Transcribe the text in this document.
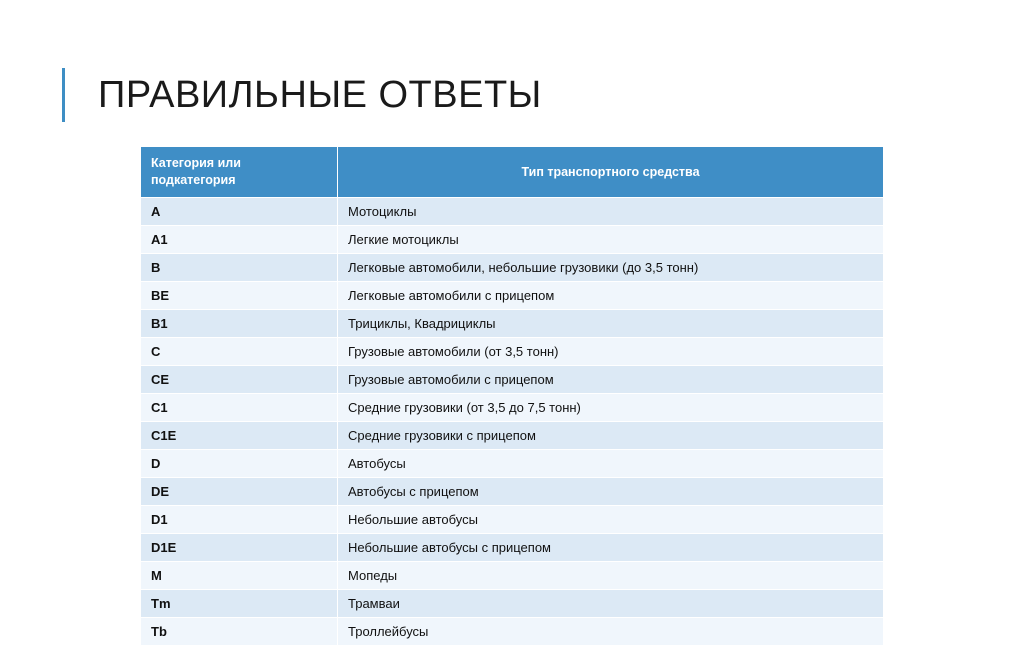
ПРАВИЛЬНЫЕ ОТВЕТЫ
Категория или подкатегория	Тип транспортного средства
A	Мотоциклы
A1	Легкие мотоциклы
B	Легковые автомобили, небольшие грузовики (до 3,5 тонн)
BE	Легковые автомобили с прицепом
B1	Трициклы, Квадрициклы
C	Грузовые автомобили (от 3,5 тонн)
CE	Грузовые автомобили с прицепом
C1	Средние грузовики (от 3,5 до 7,5 тонн)
C1E	Средние грузовики с прицепом
D	Автобусы
DE	Автобусы с прицепом
D1	Небольшие автобусы
D1E	Небольшие автобусы с прицепом
M	Мопеды
Tm	Трамваи
Tb	Троллейбусы
